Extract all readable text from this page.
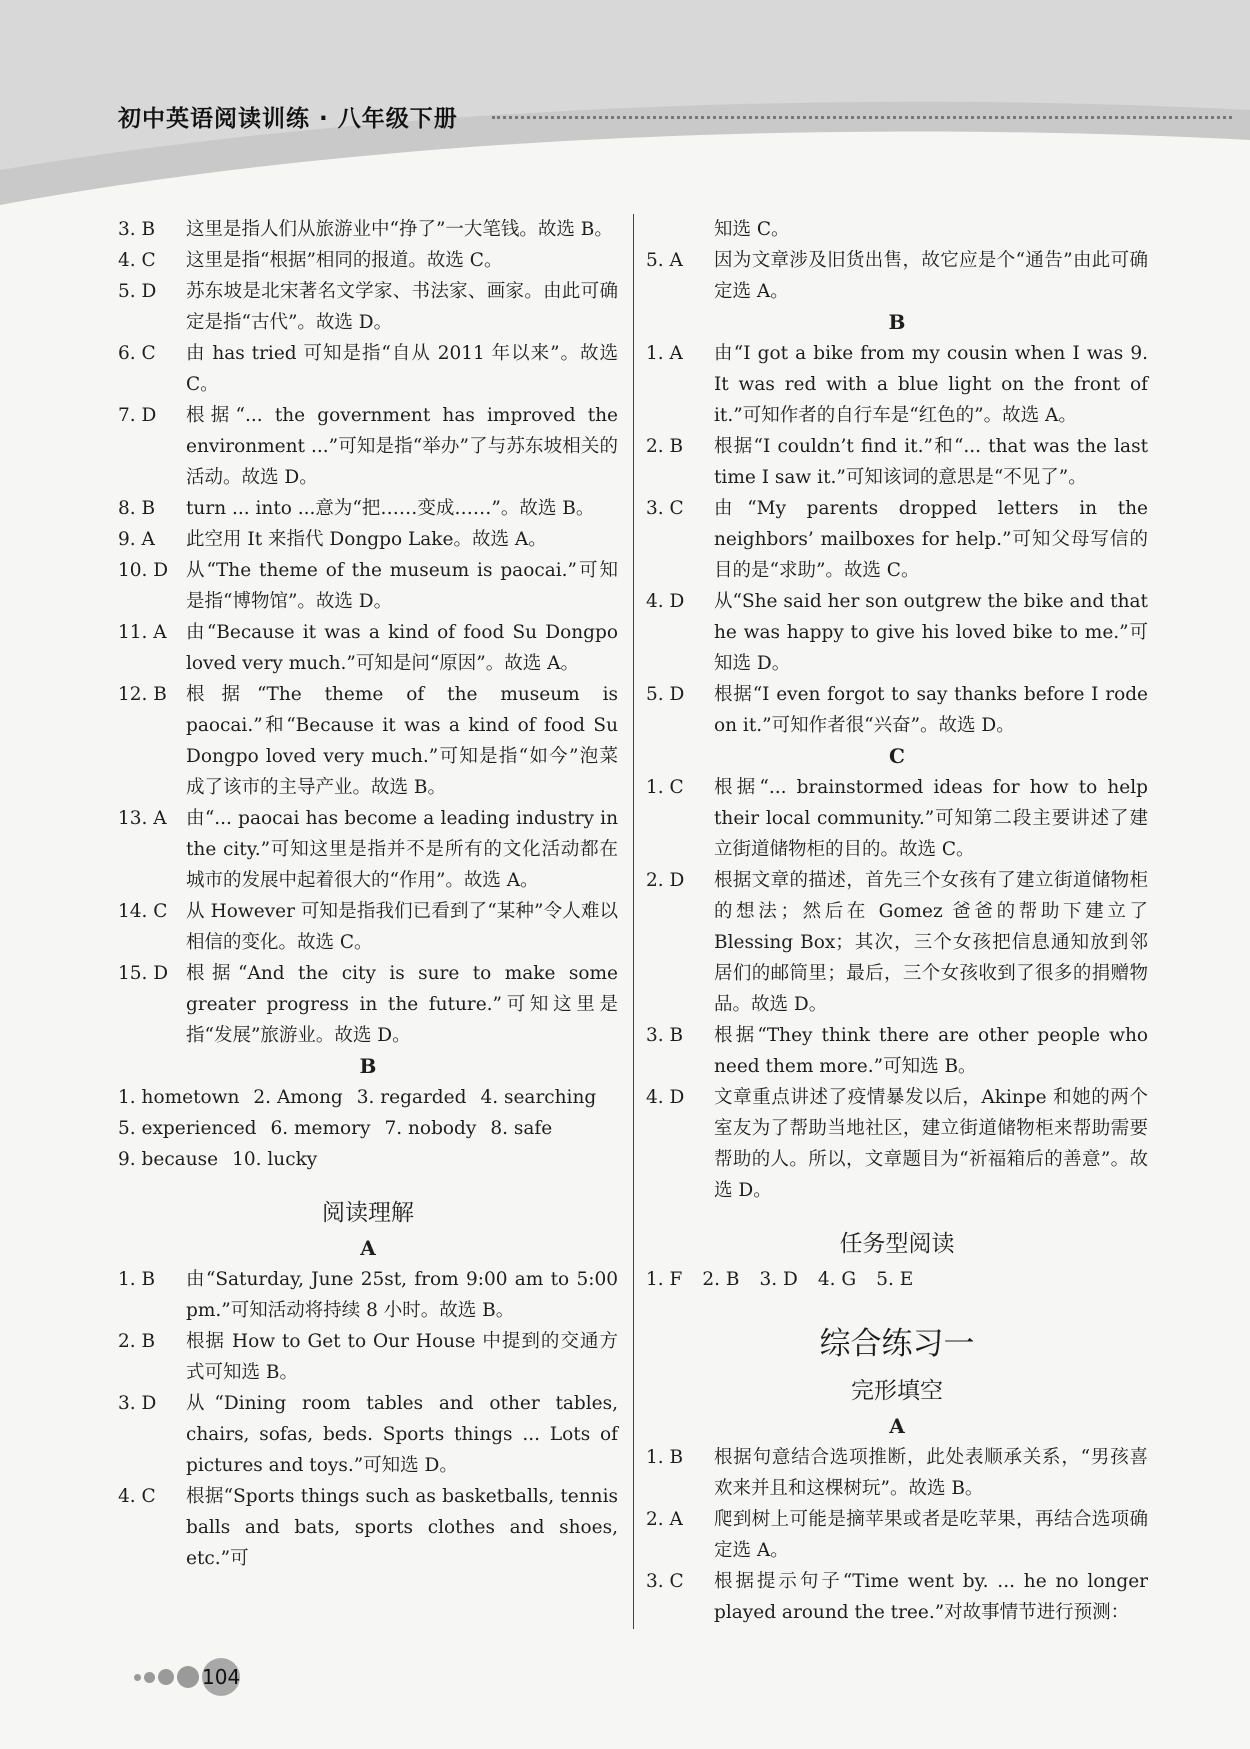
初中英语阅读训练 · 八年级下册
3. B	这里是指人们从旅游业中“挣了”一大笔钱。故选 B。
4. C	这里是指“根据”相同的报道。故选 C。
5. D	苏东坡是北宋著名文学家、书法家、画家。由此可确定是指“古代”。故选 D。
6. C	由 has tried 可知是指“自从 2011 年以来”。故选 C。
7. D	根据“... the government has improved the environment ...”可知是指“举办”了与苏东坡相关的活动。故选 D。
8. B	turn ... into ...意为“把……变成……”。故选 B。
9. A	此空用 It 来指代 Dongpo Lake。故选 A。
10. D 从“The theme of the museum is paocai.”可知是指“博物馆”。故选 D。
11. A	由“Because it was a kind of food Su Dongpo loved very much.”可知是问“原因”。故选 A。
12. B	根据“The theme of the museum is paocai.”和“Because it was a kind of food Su Dongpo loved very much.”可知是指“如今”泡菜成了该市的主导产业。故选 B。
13. A	由“... paocai has become a leading industry in the city.”可知这里是指并不是所有的文化活动都在城市的发展中起着很大的“作用”。故选 A。
14. C	从 However 可知是指我们已看到了“某种”令人难以相信的变化。故选 C。
15. D 根据“And the city is sure to make some greater progress in the future.”可知这里是指“发展”旅游业。故选 D。
B
1. hometown 2. Among 3. regarded 4. searching
5. experienced 6. memory 7. nobody 8. safe
9. because 10. lucky
阅读理解
A
1. B	由“Saturday, June 25st, from 9:00 am to 5:00 pm.”可知活动将持续 8 小时。故选 B。
2. B	根据 How to Get to Our House 中提到的交通方式可知选 B。
3. D	从“Dining room tables and other tables, chairs, sofas, beds. Sports things ... Lots of pictures and toys.”可知选 D。
4. C	根据“Sports things such as basketballs, tennis balls and bats, sports clothes and shoes, etc.”可
知选 C。
5. A	因为文章涉及旧货出售，故它应是个“通告”由此可确定选 A。
B
1. A	由“I got a bike from my cousin when I was 9. It was red with a blue light on the front of it.”可知作者的自行车是“红色的”。故选 A。
2. B	根据“I couldn’t find it.”和“... that was the last time I saw it.”可知该词的意思是“不见了”。
3. C	由“My parents dropped letters in the neighbors’ mailboxes for help.”可知父母写信的目的是“求助”。故选 C。
4. D	从“She said her son outgrew the bike and that he was happy to give his loved bike to me.”可知选 D。
5. D	根据“I even forgot to say thanks before I rode on it.”可知作者很“兴奋”。故选 D。
C
1. C	根据“... brainstormed ideas for how to help their local community.”可知第二段主要讲述了建立街道储物柜的目的。故选 C。
2. D	根据文章的描述，首先三个女孩有了建立街道储物柜的想法；然后在 Gomez 爸爸的帮助下建立了 Blessing Box；其次，三个女孩把信息通知放到邻居们的邮筒里；最后，三个女孩收到了很多的捐赠物品。故选 D。
3. B	根据“They think there are other people who need them more.”可知选 B。
4. D	文章重点讲述了疫情暴发以后，Akinpe 和她的两个室友为了帮助当地社区，建立街道储物柜来帮助需要帮助的人。所以，文章题目为“祈福箱后的善意”。故选 D。
任务型阅读
1. F 2. B 3. D 4. G 5. E
综合练习一
完形填空
A
1. B	根据句意结合选项推断，此处表顺承关系，“男孩喜欢来并且和这棵树玩”。故选 B。
2. A	爬到树上可能是摘苹果或者是吃苹果，再结合选项确定选 A。
3. C	根据提示句子“Time went by. ... he no longer played around the tree.”对故事情节进行预测：
104
